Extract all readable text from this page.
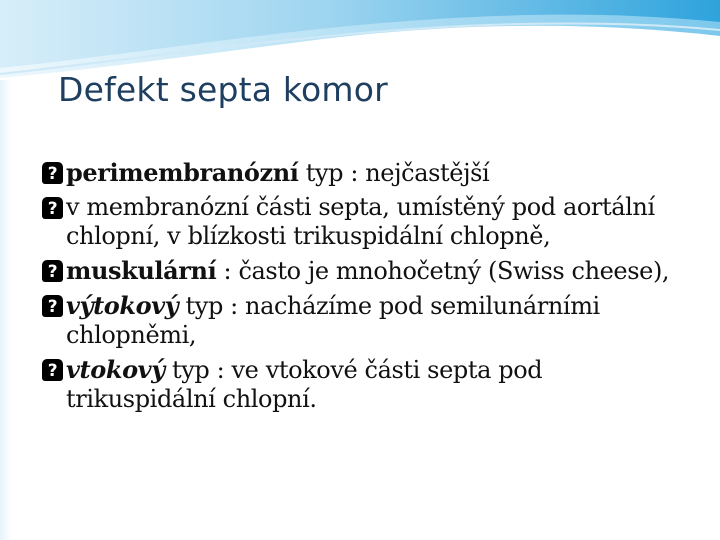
Defekt septa komor
?
perimembranózní typ : nejčastější
?
v membranózní části septa, umístěný pod aortální chlopní, v blízkosti trikuspidální chlopně,
?
muskulární : často je mnohočetný (Swiss cheese),
?
výtokový typ : nacházíme pod semilunárními chlopněmi,
?
vtokový typ : ve vtokové části septa pod trikuspidální chlopní.
